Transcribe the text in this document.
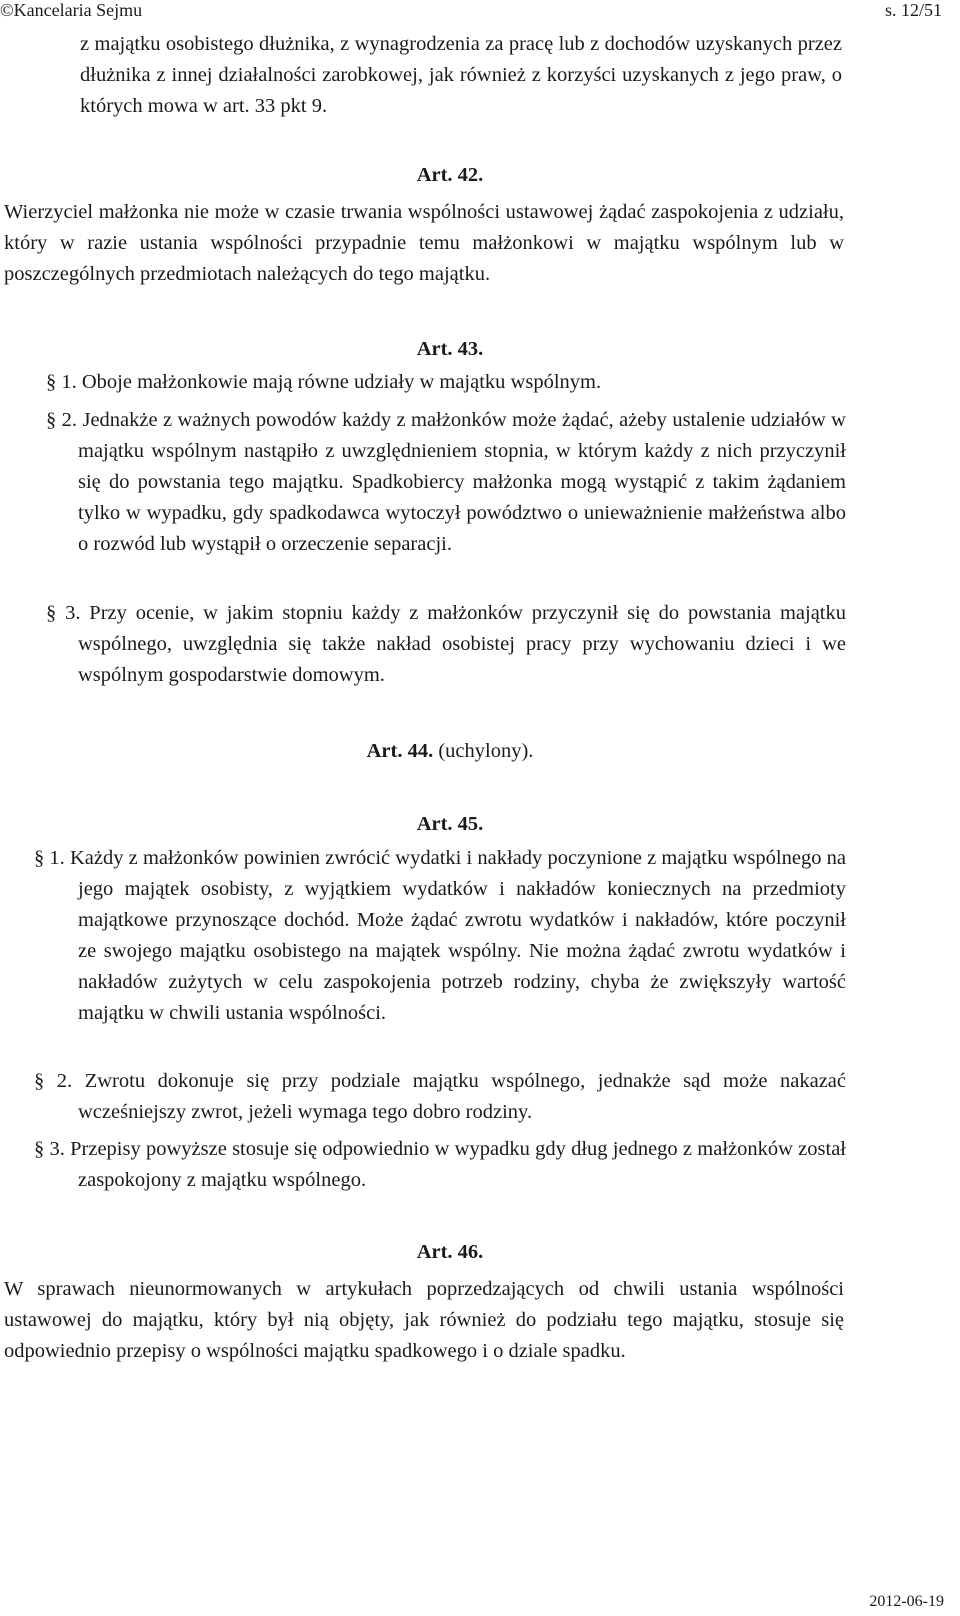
©Kancelaria Sejmu	s. 12/51
z majątku osobistego dłużnika, z wynagrodzenia za pracę lub z dochodów uzyskanych przez dłużnika z innej działalności zarobkowej, jak również z korzyści uzyskanych z jego praw, o których mowa w art. 33 pkt 9.
Art. 42.
Wierzyciel małżonka nie może w czasie trwania wspólności ustawowej żądać zaspokojenia z udziału, który w razie ustania wspólności przypadnie temu małżonkowi w majątku wspólnym lub w poszczególnych przedmiotach należących do tego majątku.
Art. 43.
§ 1. Oboje małżonkowie mają równe udziały w majątku wspólnym.
§ 2. Jednakże z ważnych powodów każdy z małżonków może żądać, ażeby ustalenie udziałów w majątku wspólnym nastąpiło z uwzględnieniem stopnia, w którym każdy z nich przyczynił się do powstania tego majątku. Spadkobiercy małżonka mogą wystąpić z takim żądaniem tylko w wypadku, gdy spadkodawca wytoczył powództwo o unieważnienie małżeństwa albo o rozwód lub wystąpił o orzeczenie separacji.
§ 3. Przy ocenie, w jakim stopniu każdy z małżonków przyczynił się do powstania majątku wspólnego, uwzględnia się także nakład osobistej pracy przy wychowaniu dzieci i we wspólnym gospodarstwie domowym.
Art. 44. (uchylony).
Art. 45.
§ 1. Każdy z małżonków powinien zwrócić wydatki i nakłady poczynione z majątku wspólnego na jego majątek osobisty, z wyjątkiem wydatków i nakładów koniecznych na przedmioty majątkowe przynoszące dochód. Może żądać zwrotu wydatków i nakładów, które poczynił ze swojego majątku osobistego na majątek wspólny. Nie można żądać zwrotu wydatków i nakładów zużytych w celu zaspokojenia potrzeb rodziny, chyba że zwiększyły wartość majątku w chwili ustania wspólności.
§ 2. Zwrotu dokonuje się przy podziale majątku wspólnego, jednakże sąd może nakazać wcześniejszy zwrot, jeżeli wymaga tego dobro rodziny.
§ 3. Przepisy powyższe stosuje się odpowiednio w wypadku gdy dług jednego z małżonków został zaspokojony z majątku wspólnego.
Art. 46.
W sprawach nieunormowanych w artykułach poprzedzających od chwili ustania wspólności ustawowej do majątku, który był nią objęty, jak również do podziału tego majątku, stosuje się odpowiednio przepisy o wspólności majątku spadkowego i o dziale spadku.
2012-06-19
